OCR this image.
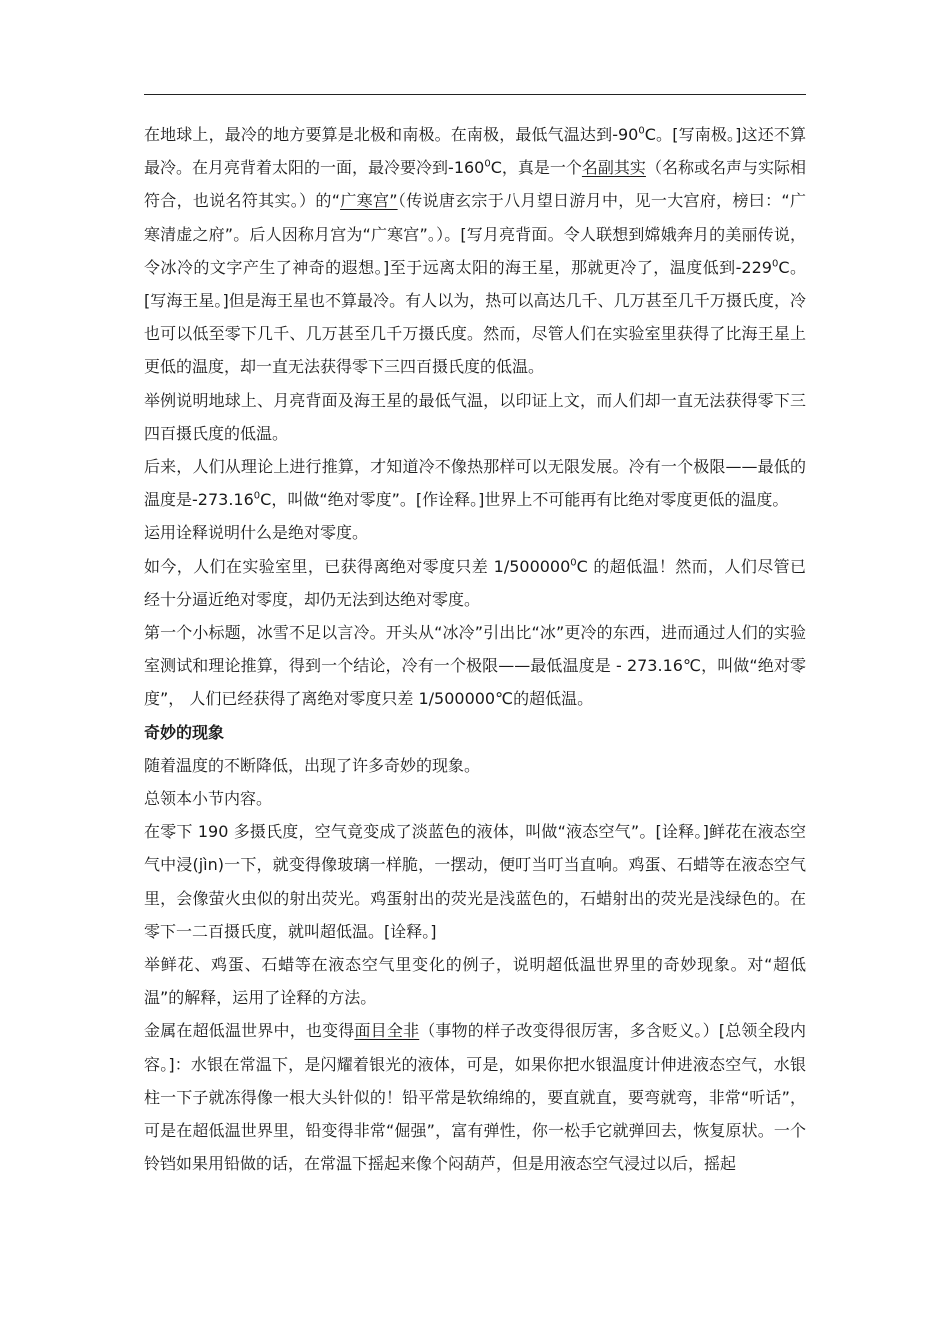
在地球上，最冷的地方要算是北极和南极。在南极，最低气温达到$-90^0C$。[写南极。]这还不算最冷。在月亮背着太阳的一面，最冷要冷到$-160^0C$，真是一个名副其实（名称或名声与实际相符合，也说名符其实。）的“广寒宫”（传说唐玄宗于八月望日游月中，见一大宫府，榜曰：“广寒清虚之府”。后人因称月宫为“广寒宫”。）。[写月亮背面。令人联想到嫦娥奔月的美丽传说，令冰冷的文字产生了神奇的遐想。]至于远离太阳的海王星，那就更冷了，温度低到$-229^0C$。[写海王星。]但是海王星也不算最冷。有人以为，热可以高达几千、几万甚至几千万摄氏度，冷也可以低至零下几千、几万甚至几千万摄氏度。然而，尽管人们在实验室里获得了比海王星上更低的温度，却一直无法获得零下三四百摄氏度的低温。

举例说明地球上、月亮背面及海王星的最低气温，以印证上文，而人们却一直无法获得零下三四百摄氏度的低温。

后来，人们从理论上进行推算，才知道冷不像热那样可以无限发展。冷有一个极限——最低的温度是-273.16$^0$C，叫做“绝对零度”。[作诠释。]世界上不可能再有比绝对零度更低的温度。

运用诠释说明什么是绝对零度。

如今，人们在实验室里，已获得离绝对零度只差 1/500000$^0$C 的超低温！然而，人们尽管已经十分逼近绝对零度，却仍无法到达绝对零度。

第一个小标题，冰雪不足以言冷。开头从“冰冷”引出比“冰”更冷的东西，进而通过人们的实验室测试和理论推算，得到一个结论，冷有一个极限——最低温度是 - 273.16℃，叫做“绝对零度”， 人们已经获得了离绝对零度只差 1/500000℃的超低温。

奇妙的现象

随着温度的不断降低，出现了许多奇妙的现象。

总领本小节内容。

在零下 190 多摄氏度，空气竟变成了淡蓝色的液体，叫做“液态空气”。[诠释。]鲜花在液态空气中浸(jìn)一下，就变得像玻璃一样脆，一摆动，便叮当叮当直响。鸡蛋、石蜡等在液态空气里，会像萤火虫似的射出荧光。鸡蛋射出的荧光是浅蓝色的，石蜡射出的荧光是浅绿色的。在零下一二百摄氏度，就叫超低温。[诠释。]

举鲜花、鸡蛋、石蜡等在液态空气里变化的例子，说明超低温世界里的奇妙现象。对“超低温”的解释，运用了诠释的方法。

金属在超低温世界中，也变得面目全非（事物的样子改变得很厉害，多含贬义。）[总领全段内容。]：水银在常温下，是闪耀着银光的液体，可是，如果你把水银温度计伸进液态空气，水银柱一下子就冻得像一根大头针似的！铅平常是软绵绵的，要直就直，要弯就弯，非常“听话”，可是在超低温世界里，铅变得非常“倔强”，富有弹性，你一松手它就弹回去，恢复原状。一个铃铛如果用铅做的话，在常温下摇起来像个闷葫芦，但是用液态空气浸过以后，摇起
